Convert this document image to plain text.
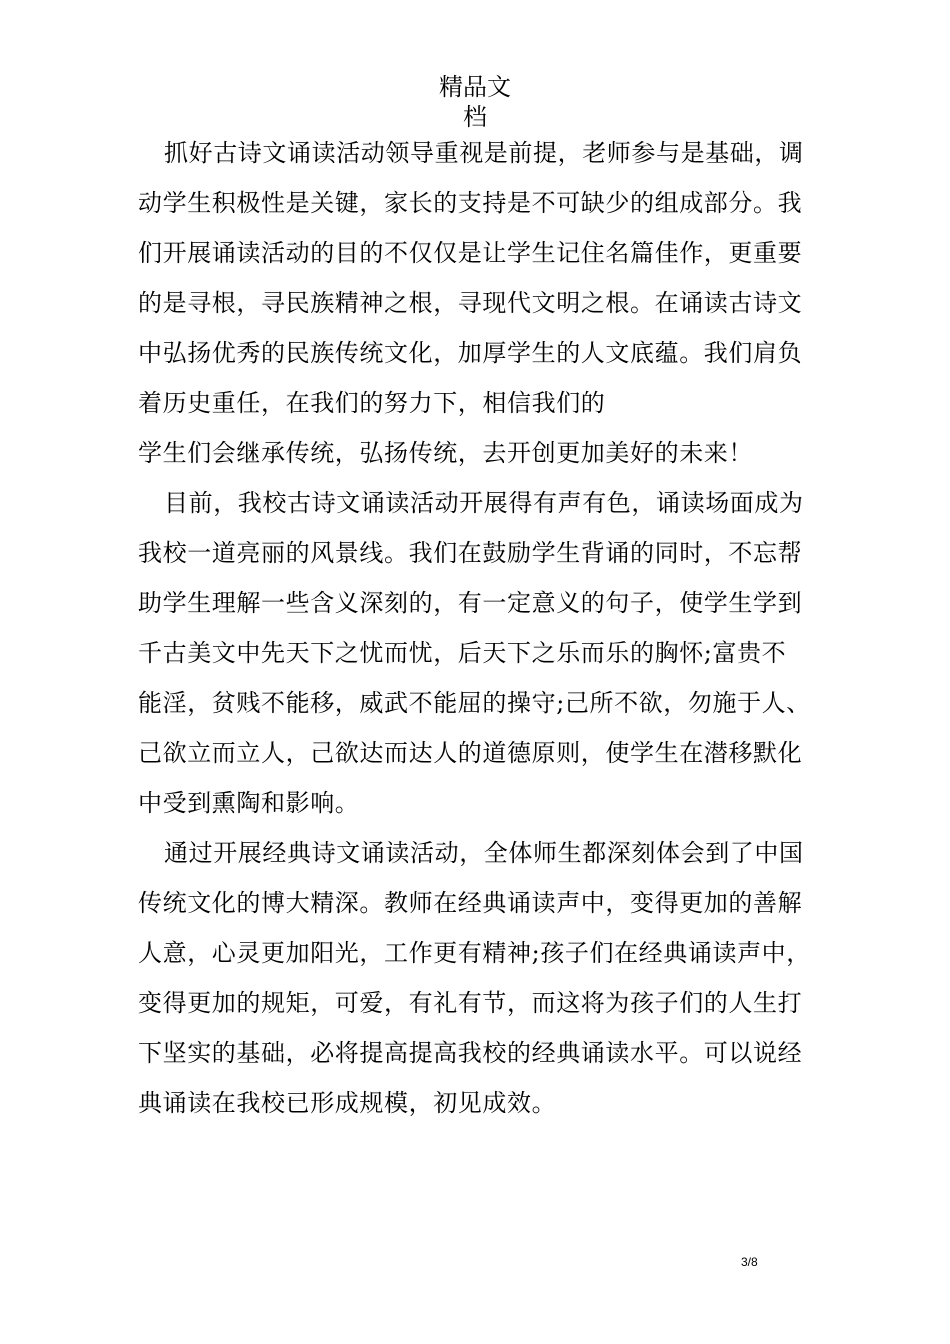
精品文
档

抓好古诗文诵读活动领导重视是前提，老师参与是基础，调
动学生积极性是关键，家长的支持是不可缺少的组成部分。我
们开展诵读活动的目的不仅仅是让学生记住名篇佳作，更重要
的是寻根，寻民族精神之根，寻现代文明之根。在诵读古诗文
中弘扬优秀的民族传统文化，加厚学生的人文底蕴。我们肩负
着历史重任，在我们的努力下，相信我们的
学生们会继承传统，弘扬传统，去开创更加美好的未来！

目前，我校古诗文诵读活动开展得有声有色，诵读场面成为
我校一道亮丽的风景线。我们在鼓励学生背诵的同时，不忘帮
助学生理解一些含义深刻的，有一定意义的句子，使学生学到
千古美文中先天下之忧而忧，后天下之乐而乐的胸怀;富贵不
能淫，贫贱不能移，威武不能屈的操守;己所不欲，勿施于人、
己欲立而立人，己欲达而达人的道德原则，使学生在潜移默化
中受到熏陶和影响。

通过开展经典诗文诵读活动，全体师生都深刻体会到了中国
传统文化的博大精深。教师在经典诵读声中，变得更加的善解
人意，心灵更加阳光，工作更有精神;孩子们在经典诵读声中，
变得更加的规矩，可爱，有礼有节，而这将为孩子们的人生打
下坚实的基础，必将提高提高我校的经典诵读水平。可以说经
典诵读在我校已形成规模，初见成效。

3/8
